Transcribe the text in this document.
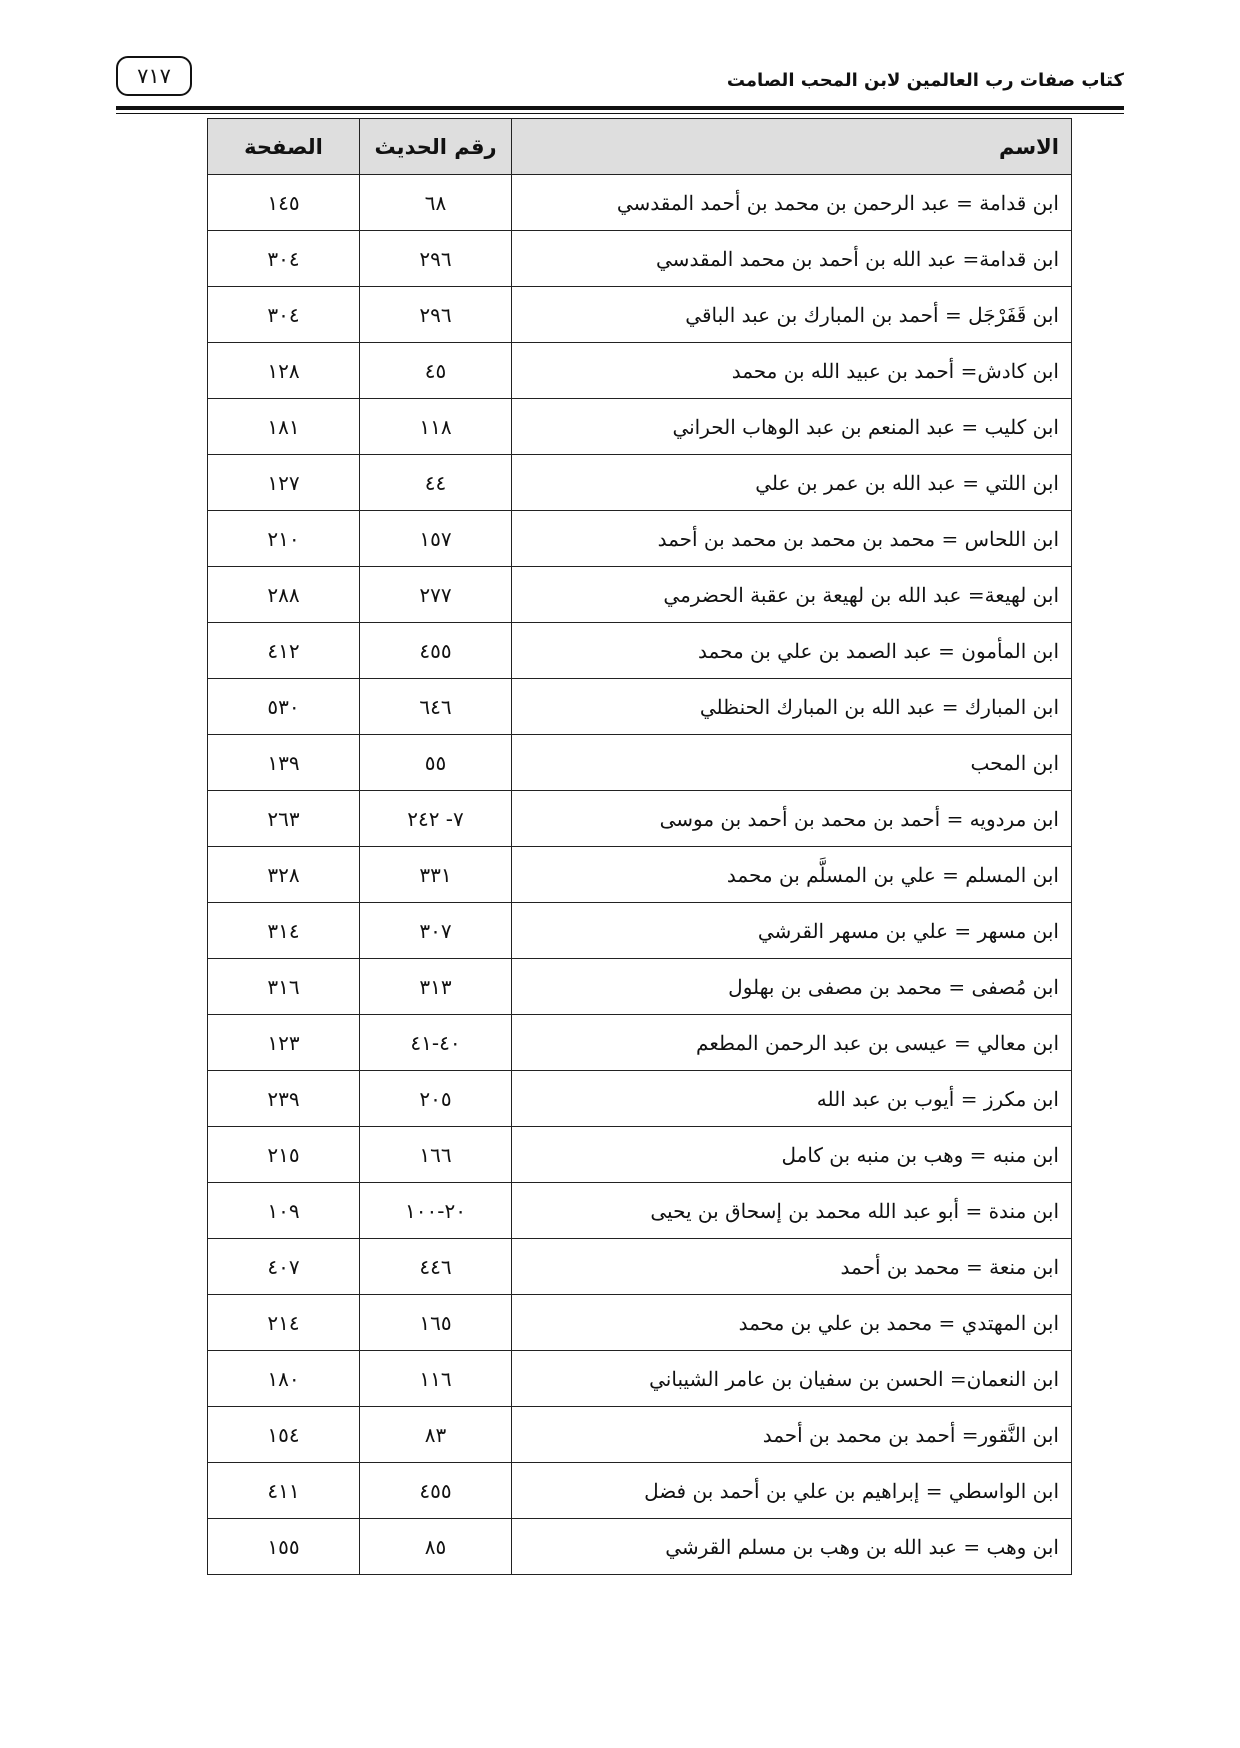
٧١٧	كتاب صفات رب العالمين لابن المحب الصامت
الاسم	رقم الحديث	الصفحة
ابن قدامة = عبد الرحمن بن محمد بن أحمد المقدسي	٦٨	١٤٥
ابن قدامة= عبد الله بن أحمد بن محمد المقدسي	٢٩٦	٣٠٤
ابن قَفَرْجَل = أحمد بن المبارك بن عبد الباقي	٢٩٦	٣٠٤
ابن كادش= أحمد بن عبيد الله بن محمد	٤٥	١٢٨
ابن كليب = عبد المنعم بن عبد الوهاب الحراني	١١٨	١٨١
ابن اللتي = عبد الله بن عمر بن علي	٤٤	١٢٧
ابن اللحاس = محمد بن محمد بن محمد بن أحمد	١٥٧	٢١٠
ابن لهيعة= عبد الله بن لهيعة بن عقبة الحضرمي	٢٧٧	٢٨٨
ابن المأمون = عبد الصمد بن علي بن محمد	٤٥٥	٤١٢
ابن المبارك = عبد الله بن المبارك الحنظلي	٦٤٦	٥٣٠
ابن المحب	٥٥	١٣٩
ابن مردويه = أحمد بن محمد بن أحمد بن موسى	٧- ٢٤٢	٢٦٣
ابن المسلم = علي بن المسلَّم بن محمد	٣٣١	٣٢٨
ابن مسهر = علي بن مسهر القرشي	٣٠٧	٣١٤
ابن مُصفى = محمد بن مصفى بن بهلول	٣١٣	٣١٦
ابن معالي = عيسى بن عبد الرحمن المطعم	٤٠-٤١	١٢٣
ابن مكرز = أيوب بن عبد الله	٢٠٥	٢٣٩
ابن منبه = وهب بن منبه بن كامل	١٦٦	٢١٥
ابن مندة = أبو عبد الله محمد بن إسحاق بن يحيى	٢٠-١٠٠	١٠٩
ابن منعة = محمد بن أحمد	٤٤٦	٤٠٧
ابن المهتدي = محمد بن علي بن محمد	١٦٥	٢١٤
ابن النعمان= الحسن بن سفيان بن عامر الشيباني	١١٦	١٨٠
ابن النَّقور= أحمد بن محمد بن أحمد	٨٣	١٥٤
ابن الواسطي = إبراهيم بن علي بن أحمد بن فضل	٤٥٥	٤١١
ابن وهب = عبد الله بن وهب بن مسلم القرشي	٨٥	١٥٥
